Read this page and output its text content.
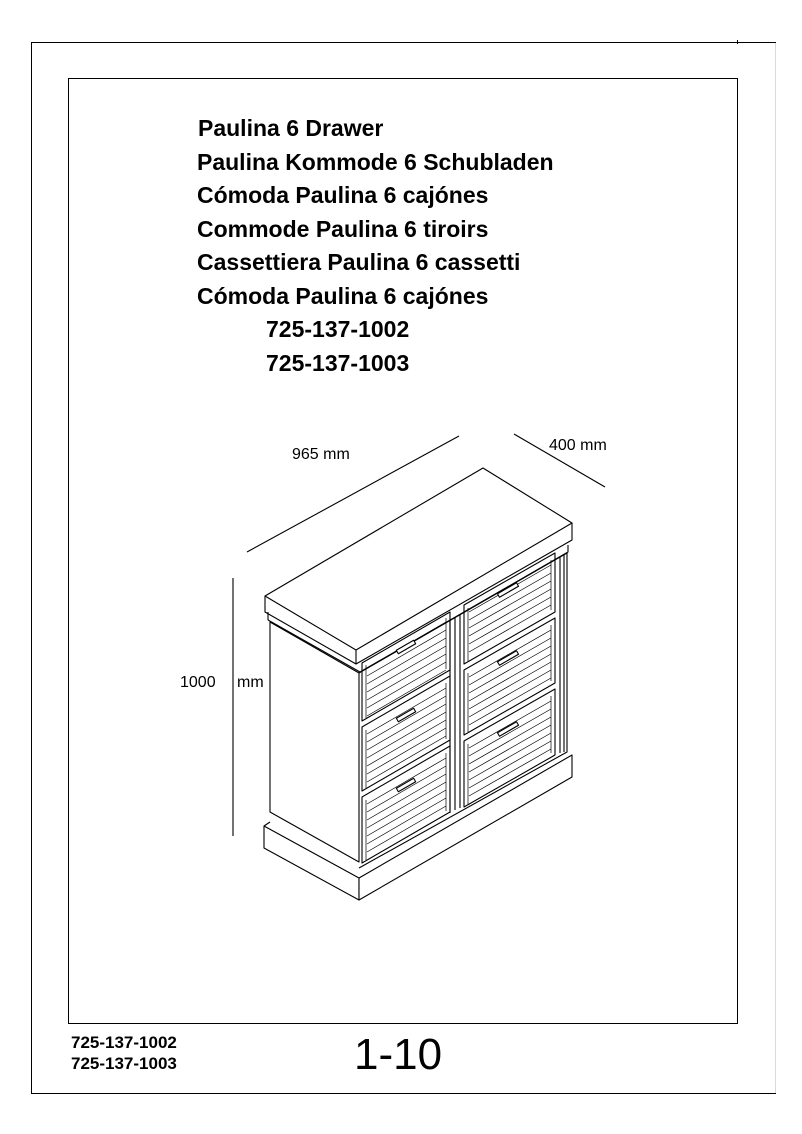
Paulina 6 Drawer
Paulina Kommode 6 Schubladen
Cómoda Paulina 6 cajónes
Commode Paulina 6 tiroirs
Cassettiera Paulina 6 cassetti
Cómoda Paulina 6 cajónes
725-137-1002
725-137-1003
965 mm
400 mm
1000 mm
725-137-1002
725-137-1003	1-10
